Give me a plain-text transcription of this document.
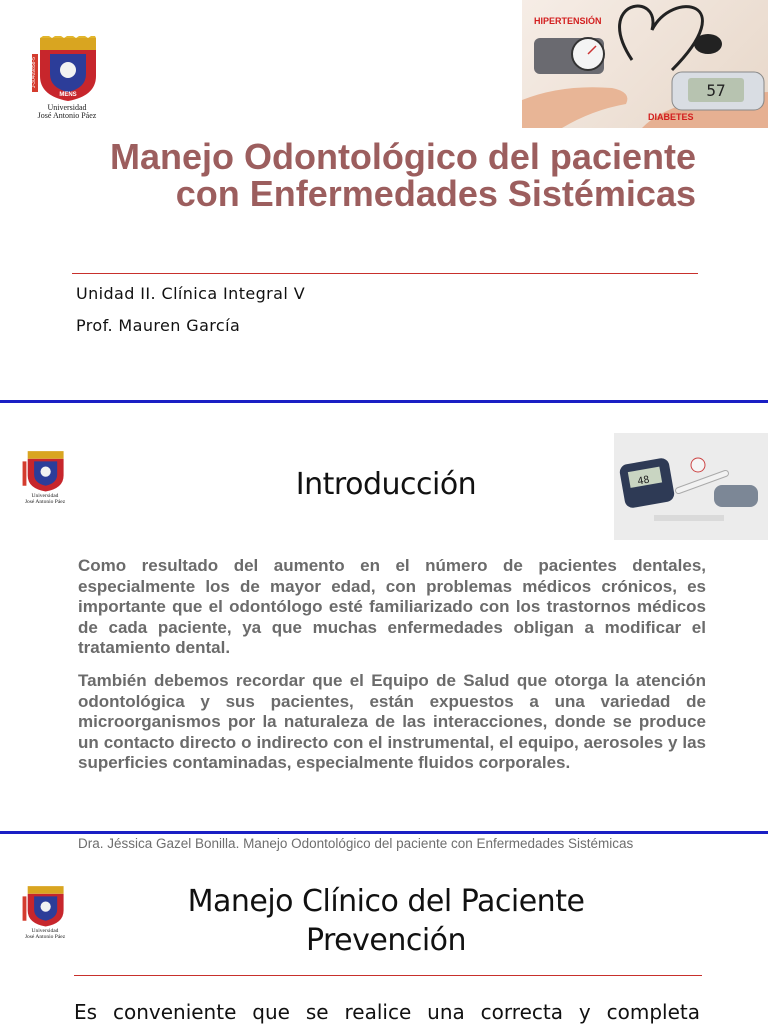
J-30409858-5
MENS
Universidad
José Antonio Páez
57
HIPERTENSIÓN
DIABETES
Manejo Odontológico del paciente con Enfermedades Sistémicas
Unidad II. Clínica Integral V
Prof. Mauren García
Universidad
José Antonio Páez	Introducción	48
Como resultado del aumento en el número de pacientes dentales, especialmente los de mayor edad, con problemas médicos crónicos, es importante que el odontólogo esté familiarizado con los trastornos médicos de cada paciente, ya que muchas enfermedades obligan a modificar el tratamiento dental.
También debemos recordar que el Equipo de Salud que otorga la atención odontológica y sus pacientes, están expuestos a una variedad de microorganismos por la naturaleza de las interacciones, donde se produce un contacto directo o indirecto con el instrumental, el equipo, aerosoles y las superficies contaminadas, especialmente fluidos corporales.
Dra. Jéssica Gazel Bonilla. Manejo Odontológico del paciente con Enfermedades Sistémicas
Universidad
José Antonio Páez
Manejo Clínico del Paciente
Prevención
Es conveniente que se realice una correcta y completa
